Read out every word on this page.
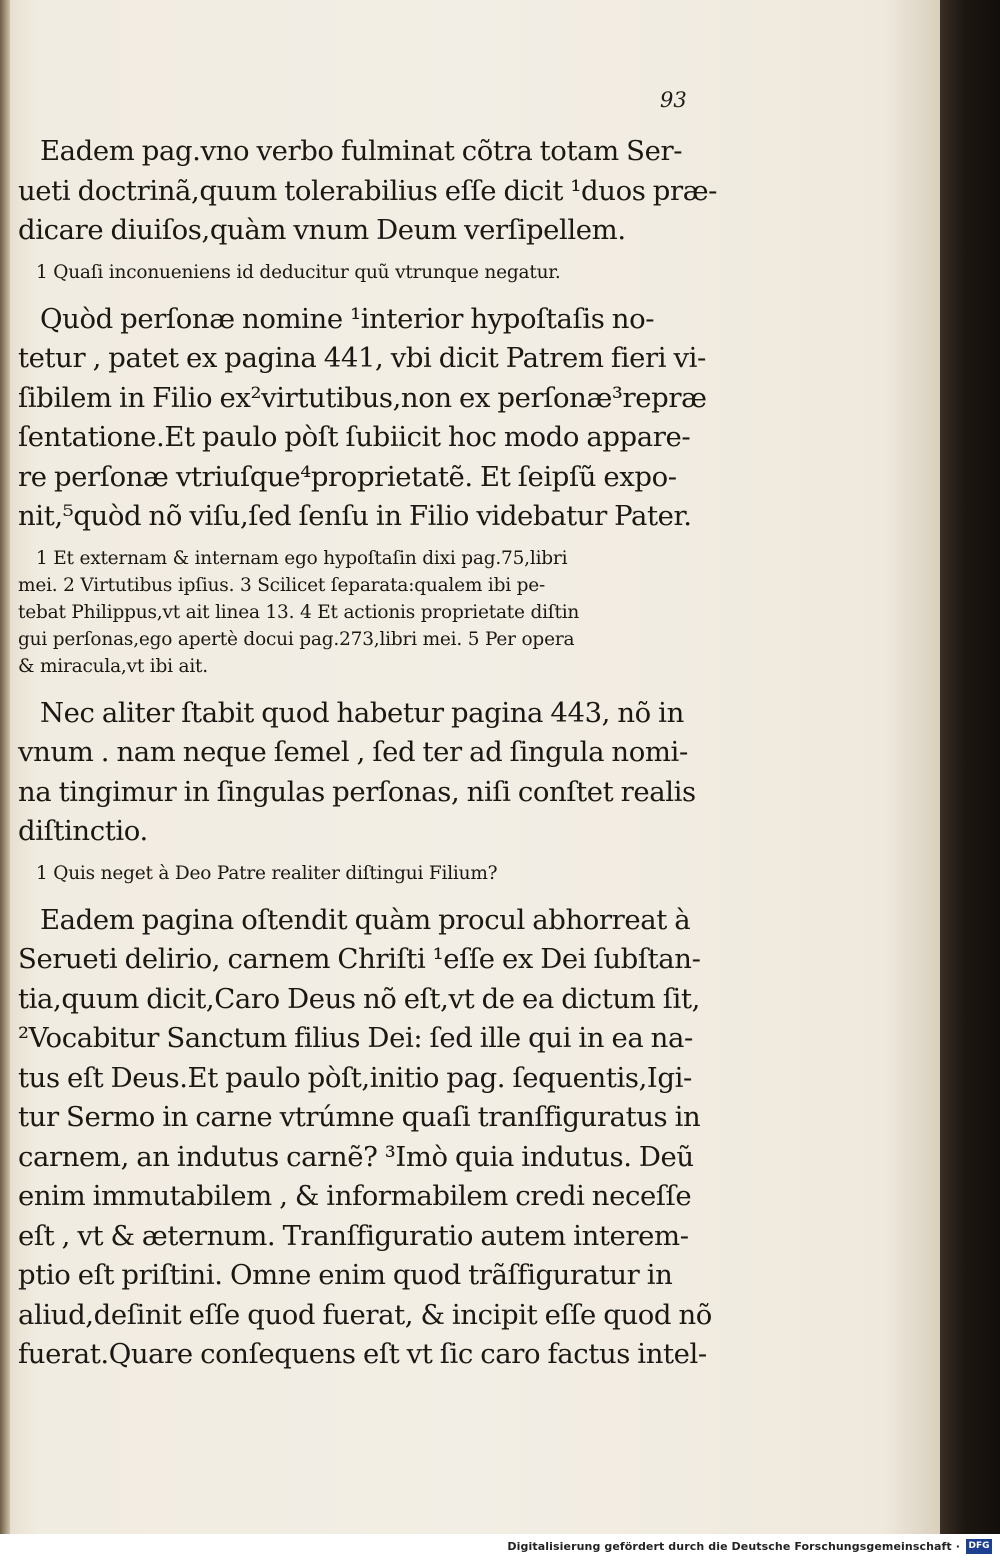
93
Eadem pag.vno verbo fulminat cõtra totam Ser-
ueti doctrinã,quum tolerabilius eſſe dicit ¹duos præ-
dicare diuiſos,quàm vnum Deum verſipellem.
1 Quaſi inconueniens id deducitur quũ vtrunque negatur.
Quòd perſonæ nomine ¹interior hypoſtaſis no-
tetur , patet ex pagina 441, vbi dicit Patrem fieri vi-
ſibilem in Filio ex²virtutibus,non ex perſonæ³repræ
ſentatione.Et paulo pòſt ſubiicit hoc modo appare-
re perſonæ vtriuſque⁴proprietatẽ. Et ſeipſũ expo-
nit,⁵quòd nõ viſu,ſed ſenſu in Filio videbatur Pater.
1 Et externam & internam ego hypoſtaſin dixi pag.75,libri
mei. 2 Virtutibus ipſius. 3 Scilicet ſeparata:qualem ibi pe-
tebat Philippus,vt ait linea 13. 4 Et actionis proprietate diſtin
gui perſonas,ego apertè docui pag.273,libri mei. 5 Per opera
& miracula,vt ibi ait.
Nec aliter ſtabit quod habetur pagina 443, nõ in
vnum . nam neque ſemel , ſed ter ad ſingula nomi-
na tingimur in ſingulas perſonas, niſi conſtet realis
diſtinctio.
1 Quis neget à Deo Patre realiter diſtingui Filium?
Eadem pagina oſtendit quàm procul abhorreat à
Serueti delirio, carnem Chriſti ¹eſſe ex Dei ſubſtan-
tia,quum dicit,Caro Deus nõ eſt,vt de ea dictum ſit,
²Vocabitur Sanctum filius Dei: ſed ille qui in ea na-
tus eſt Deus.Et paulo pòſt,initio pag. ſequentis,Igi-
tur Sermo in carne vtrúmne quaſi tranſfiguratus in
carnem, an indutus carnẽ? ³Imò quia indutus. Deũ
enim immutabilem , & informabilem credi neceſſe
eſt , vt & æternum. Tranſfiguratio autem interem-
ptio eſt priſtini. Omne enim quod trãſfiguratur in
aliud,deſinit eſſe quod fuerat, & incipit eſſe quod nõ
fuerat.Quare conſequens eſt vt ſic caro factus intel-
Digitalisierung gefördert durch die Deutsche Forschungsgemeinschaft · DFG
